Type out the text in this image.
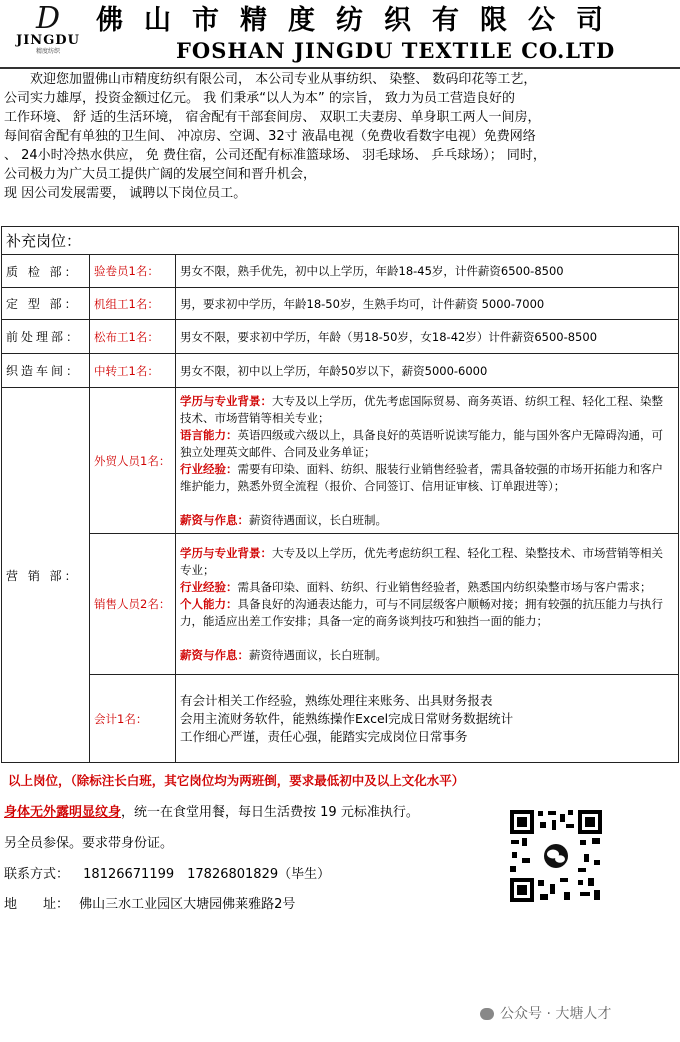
D
JINGDU
精度纺织
佛山市精度纺织有限公司
FOSHAN JINGDU TEXTILE CO.LTD

　　欢迎您加盟佛山市精度纺织有限公司， 本公司专业从事纺织、 染整、 数码印花等工艺，

公司实力雄厚，投资金额过亿元。 我 们秉承“以人为本” 的宗旨， 致力为员工营造良好的

工作环境、 舒 适的生活环境， 宿舍配有干部套间房、 双职工夫妻房、单身职工两人一间房，

每间宿舍配有单独的卫生间、 冲凉房、空调、32寸 液晶电视（免费收看数字电视）免费网络

、 24小时冷热水供应， 免 费住宿，公司还配有标准篮球场、 羽毛球场、 乒乓球场）； 同时，

公司极力为广大员工提供广阔的发展空间和晋升机会，

现 因公司发展需要， 诚聘以下岗位员工。

补充岗位：		
质 检 部：	验卷员1名：	男女不限，熟手优先，初中以上学历，年龄18-45岁，计件薪资6500-8500
定 型 部：	机组工1名：	男，要求初中学历，年龄18-50岁，生熟手均可，计件薪资 5000-7000
前处理部：	松布工1名：	男女不限，要求初中学历，年龄（男18-50岁，女18-42岁）计件薪资6500-8500
织造车间：	中转工1名：	男女不限，初中以上学历，年龄50岁以下，薪资5000-6000
营 销 部：	外贸人员1名：	学历与专业背景：大专及以上学历，优先考虑国际贸易、商务英语、纺织工程、轻化工程、染整技术、市场营销等相关专业；
语言能力：英语四级或六级以上，具备良好的英语听说读写能力，能与国外客户无障碍沟通，可独立处理英文邮件、合同及业务单证；
行业经验：需要有印染、面料、纺织、服装行业销售经验者，需具备较强的市场开拓能力和客户维护能力，熟悉外贸全流程（报价、合同签订、信用证审核、订单跟进等）；

薪资与作息：薪资待遇面议，长白班制。
	销售人员2名：	学历与专业背景：大专及以上学历，优先考虑纺织工程、轻化工程、染整技术、市场营销等相关专业；
行业经验：需具备印染、面料、纺织、行业销售经验者，熟悉国内纺织染整市场与客户需求；
个人能力：具备良好的沟通表达能力，可与不同层级客户顺畅对接；拥有较强的抗压能力与执行力，能适应出差工作安排；具备一定的商务谈判技巧和独挡一面的能力；

薪资与作息：薪资待遇面议，长白班制。
	会计1名：	有会计相关工作经验，熟练处理往来账务、出具财务报表
会用主流财务软件，能熟练操作Excel完成日常财务数据统计
工作细心严谨，责任心强，能踏实完成岗位日常事务
以上岗位，（除标注长白班，其它岗位均为两班倒，要求最低初中及以上文化水平）
身体无外露明显纹身，统一在食堂用餐，每日生活费按 19 元标准执行。
另全员参保。要求带身份证。
联系方式： 18126671199　17826801829（毕生）
地　　址： 佛山三水工业园区大塘园佛莱雅路2号
公众号 · 大塘人才
